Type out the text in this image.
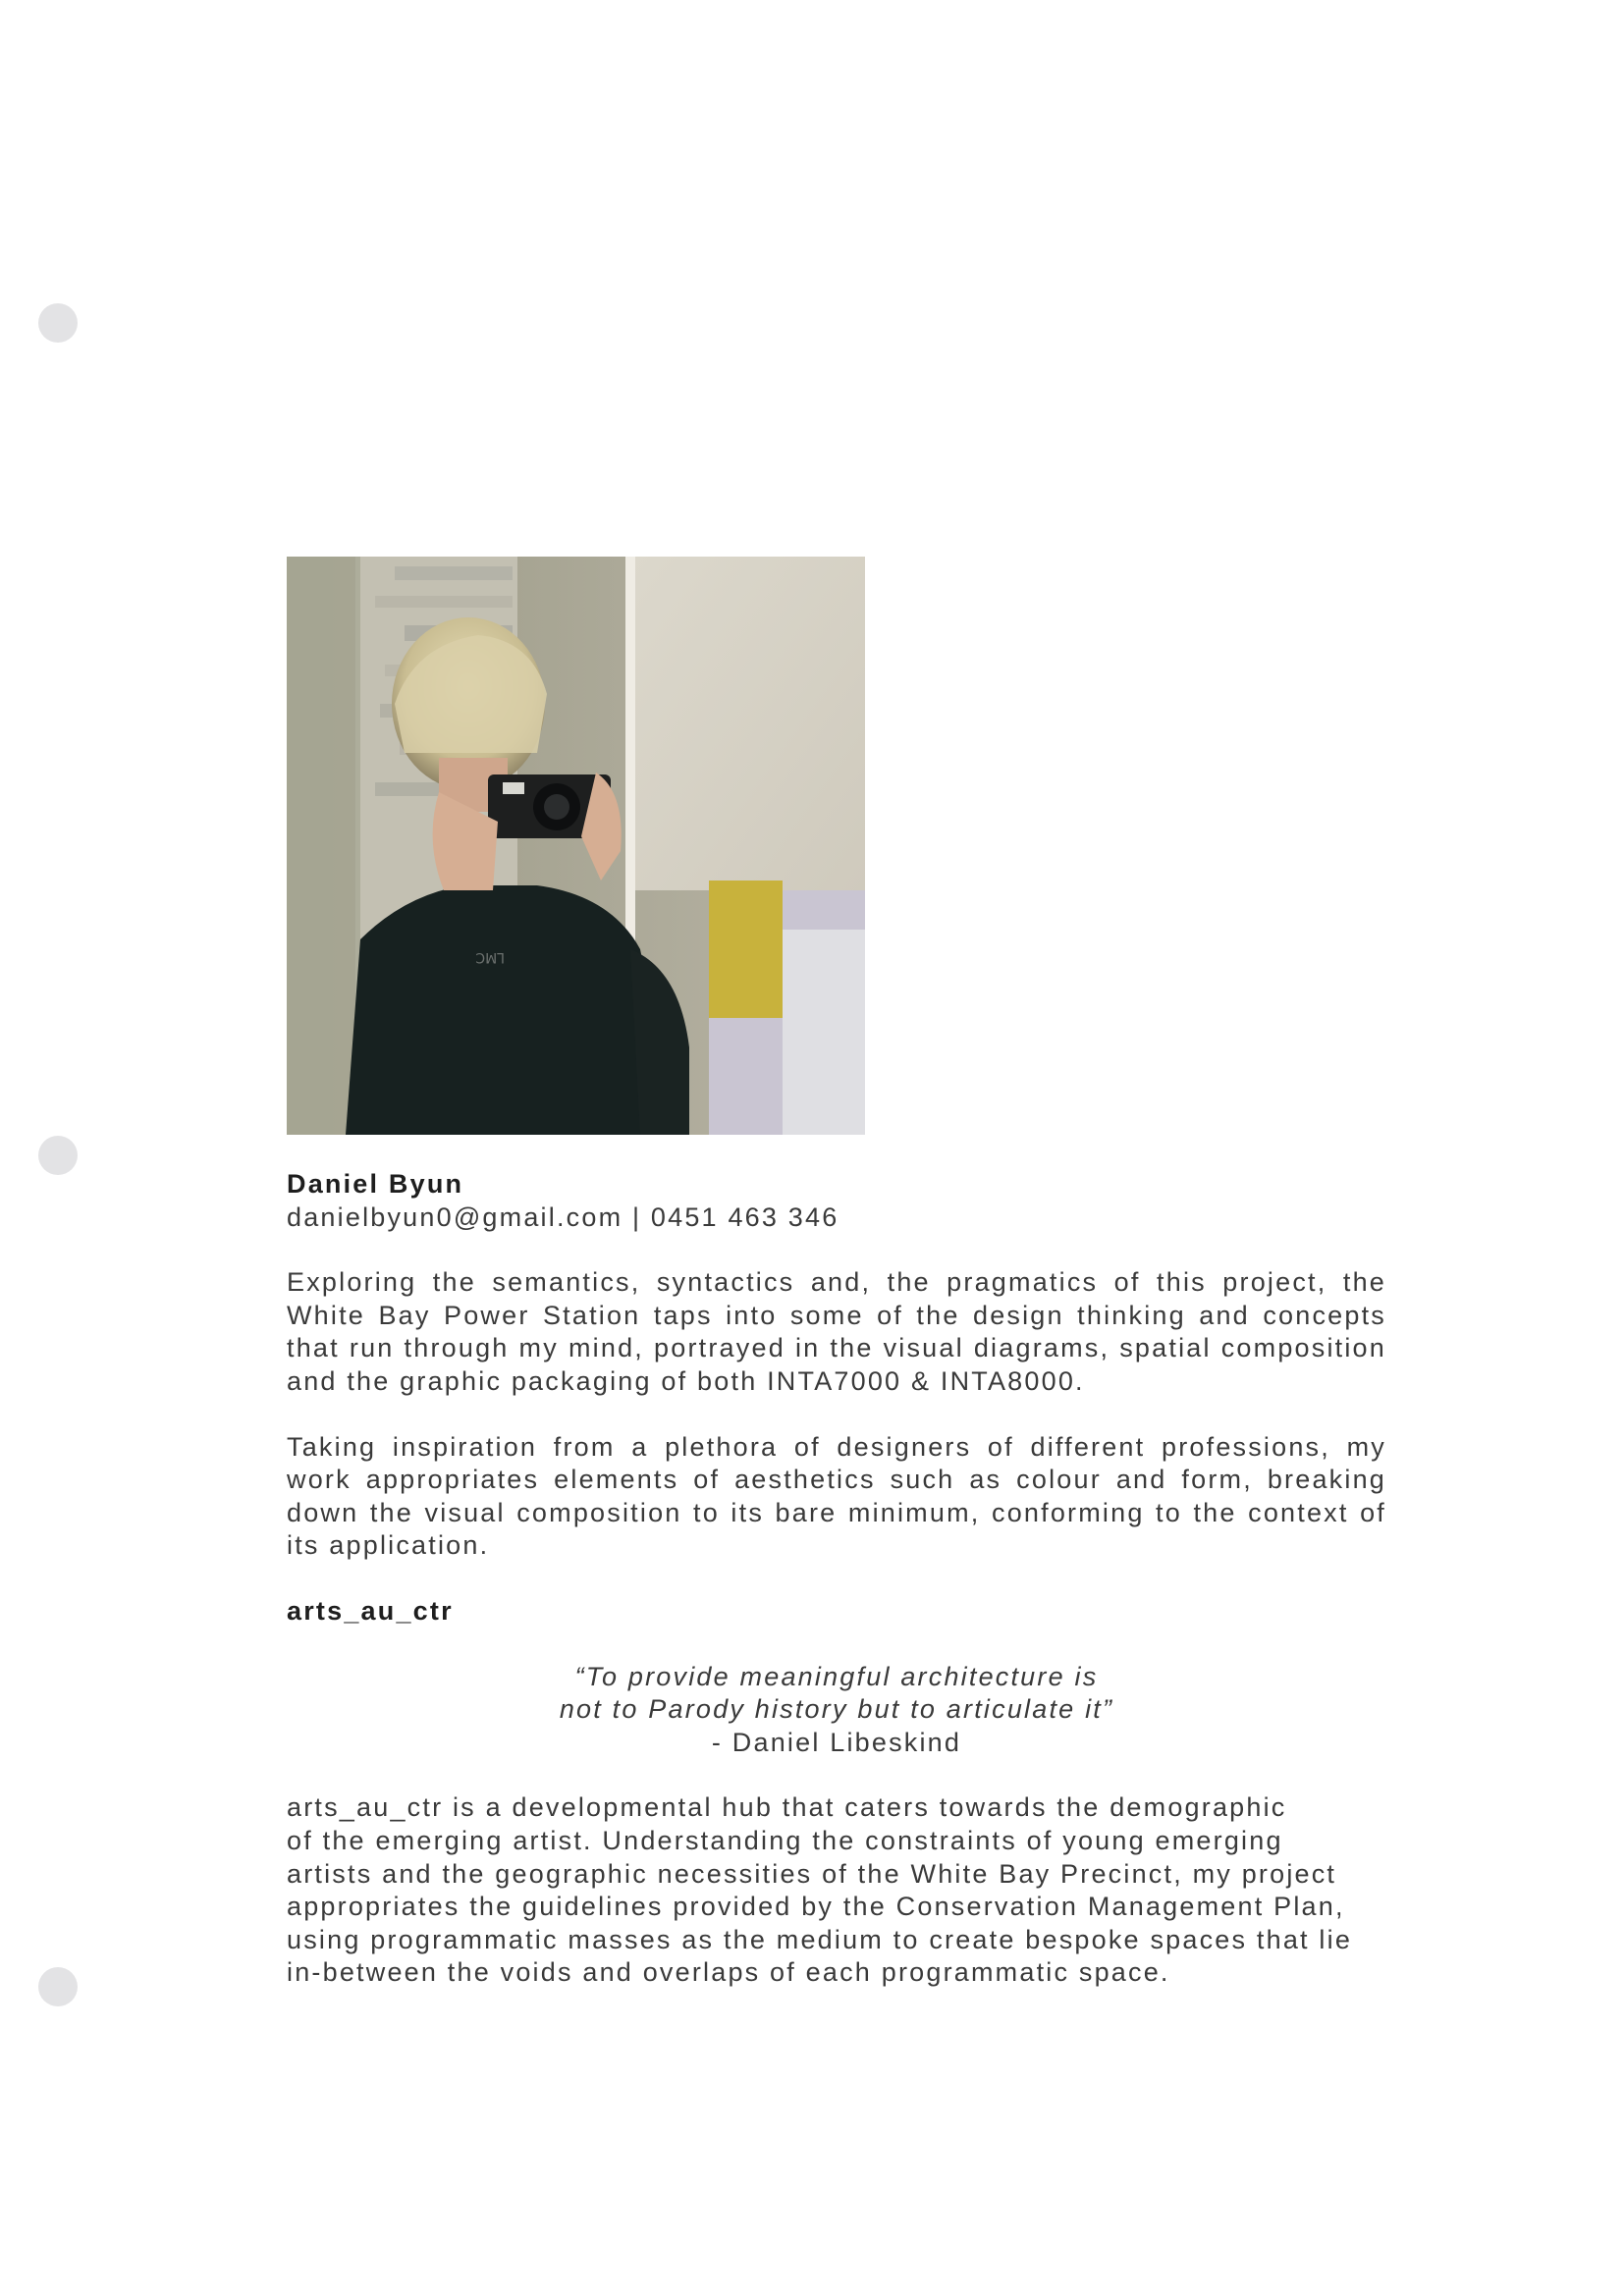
LMC

Daniel Byun

danielbyun0@gmail.com | 0451 463 346

Exploring the semantics, syntactics and, the pragmatics of this project, the White Bay Power Station taps into some of the design thinking and concepts that run through my mind, portrayed in the visual diagrams, spatial composition and the graphic packaging of both INTA7000 & INTA8000.

Taking inspiration from a plethora of designers of different professions, my work appropriates elements of aesthetics such as colour and form, breaking down the visual composition to its bare minimum, conforming to the context of its application.

arts_au_ctr

“To provide meaningful architecture is
not to Parody history but to articulate it”
- Daniel Libeskind
arts_au_ctr is a developmental hub that caters towards the demographic
of the emerging artist. Understanding the constraints of young emerging
artists and the geographic necessities of the White Bay Precinct, my project
appropriates the guidelines provided by the Conservation Management Plan,
using programmatic masses as the medium to create bespoke spaces that lie
in-between the voids and overlaps of each programmatic space.
